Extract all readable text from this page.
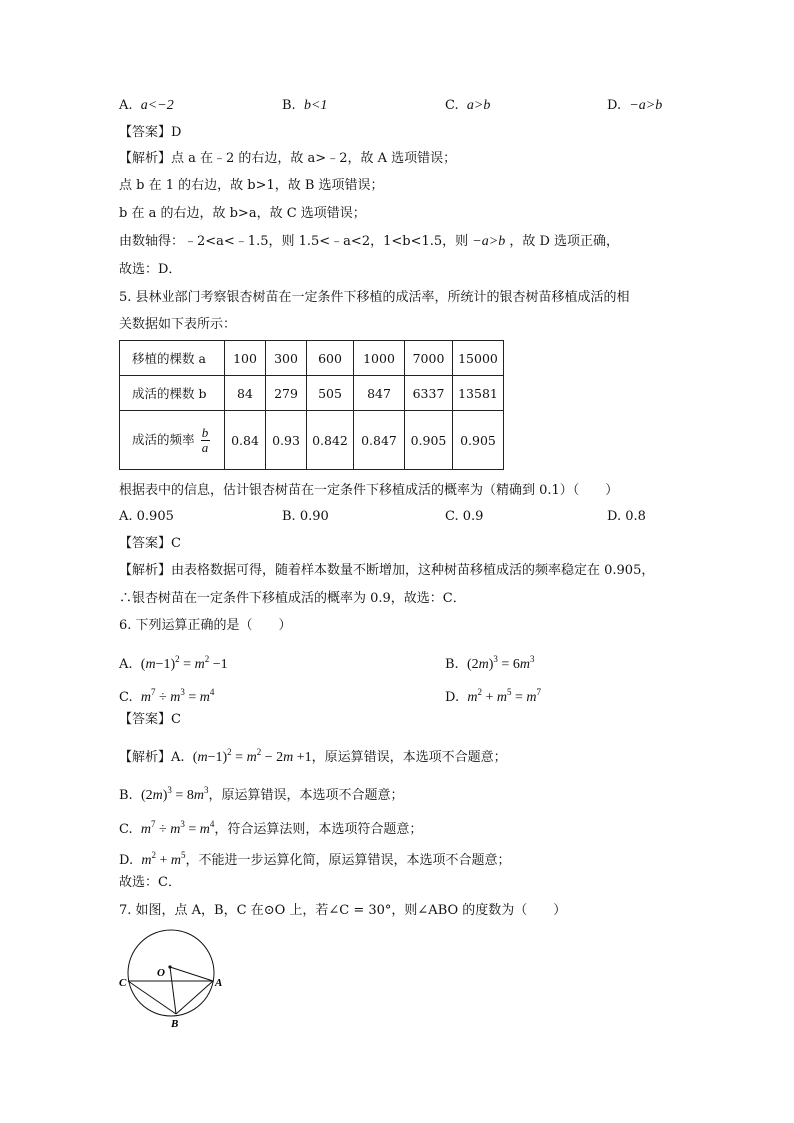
A. a<−2	B. b<1	C. a>b	D. −a>b
【答案】D
【解析】点 a 在﹣2 的右边，故 a>﹣2，故 A 选项错误；
点 b 在 1 的右边，故 b>1，故 B 选项错误；
b 在 a 的右边，故 b>a，故 C 选项错误；
由数轴得：﹣2<a<﹣1.5，则 1.5<﹣a<2，1<b<1.5，则 −a>b ，故 D 选项正确，
故选：D．
5. 县林业部门考察银杏树苗在一定条件下移植的成活率，所统计的银杏树苗移植成活的相
关数据如下表所示：
移植的棵数 a	100	300	600	1000	7000	15000
成活的棵数 b	84	279	505	847	6337	13581
成活的频率 $\frac{b}{a}$	0.84	0.93	0.842	0.847	0.905	0.905
根据表中的信息，估计银杏树苗在一定条件下移植成活的概率为（精确到 0.1）（　　）
A. 0.905	B. 0.90	C. 0.9	D. 0.8
【答案】C
【解析】由表格数据可得，随着样本数量不断增加，这种树苗移植成活的频率稳定在 0.905，
∴银杏树苗在一定条件下移植成活的概率为 0.9，故选：C．
6. 下列运算正确的是（　　）
A. $(m-1)^2 = m^2 -1$	B. $(2m)^3 = 6m^3$
C. $m^7 \div m^3 = m^4$	D. $m^2 + m^5 = m^7$
【答案】C
【解析】A. $(m-1)^2 = m^2 - 2m +1$，原运算错误，本选项不合题意；
B. $(2m)^3 = 8m^3$，原运算错误，本选项不合题意；
C. $m^7 \div m^3 = m^4$，符合运算法则，本选项符合题意；
D. $m^2 + m^5$，不能进一步运算化简，原运算错误，本选项不合题意；
故选：C．
7. 如图，点 A，B，C 在⊙O 上，若∠C = 30°，则∠ABO 的度数为（　　）
O
C	A
B
